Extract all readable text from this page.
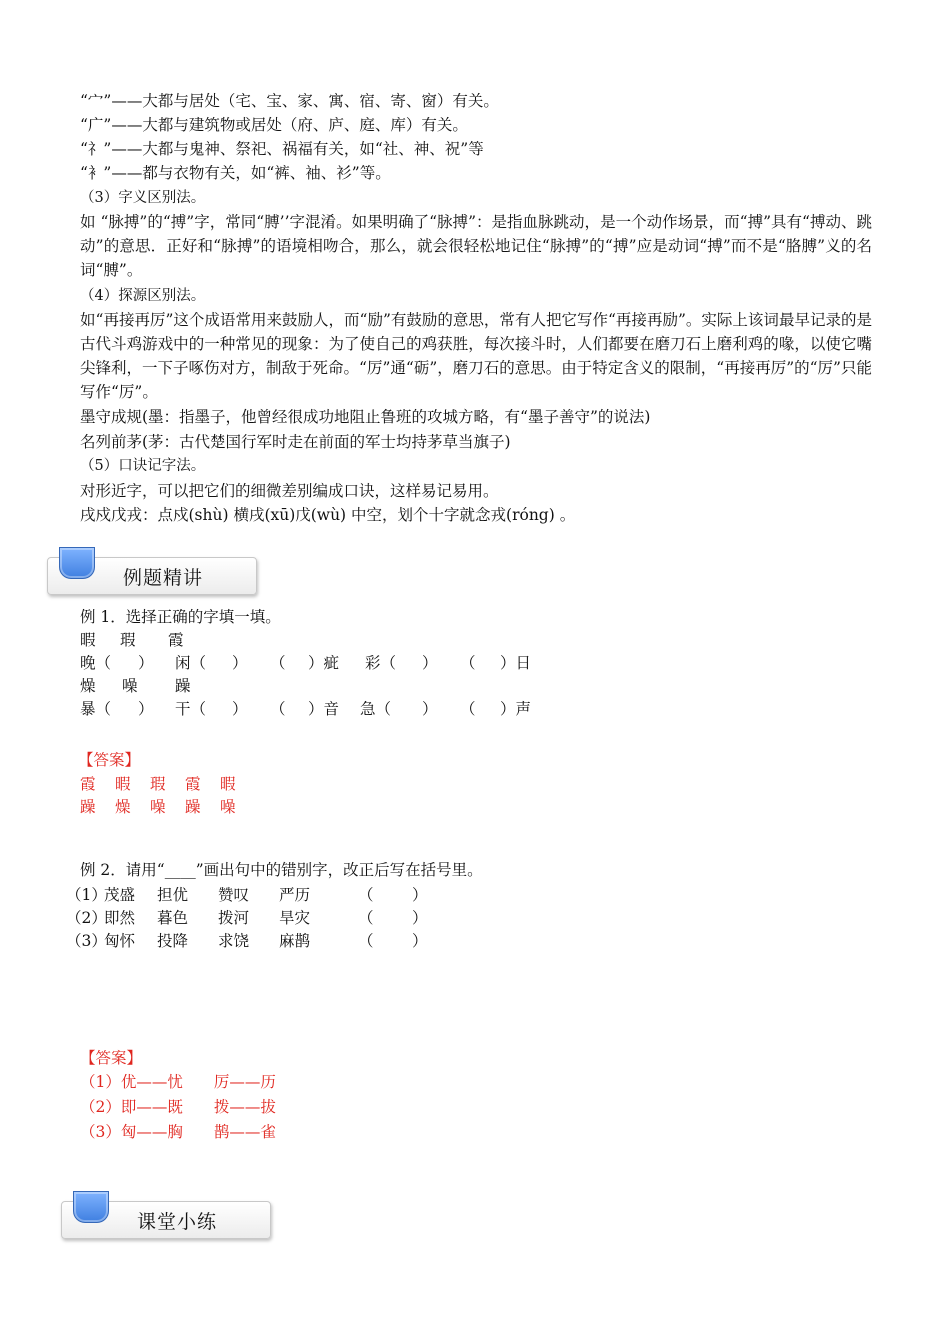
“宀”——大都与居处（宅、宝、家、寓、宿、寄、窗）有关。
“广”——大都与建筑物或居处（府、庐、庭、库）有关。
“礻”——大都与鬼神、祭祀、祸福有关，如“社、神、祝”等
“衤”——都与衣物有关，如“裤、袖、衫”等。
（3）字义区别法。
如 “脉搏”的“搏”字，常同“膊’’字混淆。如果明确了“脉搏”：是指血脉跳动，是一个动作场景，而“搏”具有“搏动、跳动”的意思．正好和“脉搏”的语境相吻合，那么，就会很轻松地记住“脉搏”的“搏”应是动词“搏”而不是“胳膊”义的名词“膊”。
（4）探源区别法。
如“再接再厉”这个成语常用来鼓励人，而“励”有鼓励的意思，常有人把它写作“再接再励”。实际上该词最早记录的是古代斗鸡游戏中的一种常见的现象：为了使自己的鸡获胜，每次接斗时，人们都要在磨刀石上磨利鸡的喙，以使它嘴尖锋利，一下子啄伤对方，制敌于死命。“厉”通“砺”，磨刀石的意思。由于特定含义的限制，“再接再厉”的“厉”只能写作“厉”。
墨守成规(墨：指墨子，他曾经很成功地阻止鲁班的攻城方略，有“墨子善守”的说法)
名列前茅(茅：古代楚国行军时走在前面的军士均持茅草当旗子)
（5）口诀记字法。
对形近字，可以把它们的细微差别编成口诀，这样易记易用。
戌戍戊戎：点戍(shù) 横戌(xū)戊(wù) 中空，划个十字就念戎(róng) 。
例题精讲
例 1．选择正确的字填一填。
暇 瑕 霞
晚（ ） 闲（ ） （ ）疵 彩（ ） （ ）日
燥 噪 躁
暴（ ） 干（ ） （ ）音 急（ ） （ ）声
【答案】
霞 暇 瑕 霞 暇
躁 燥 噪 躁 噪
例 2．请用“____”画出句中的错别字，改正后写在括号里。
（1）
茂盛 担优 赞叹 严历	（ ）
（2）
即然 暮色 拨河 旱灾	（ ）
（3）
匈怀 投降 求饶 麻鹊	（ ）
【答案】
（1）优——忧　　厉——历
（2）即——既　　拨——拔
（3）匈——胸　　鹊——雀
课堂小练
